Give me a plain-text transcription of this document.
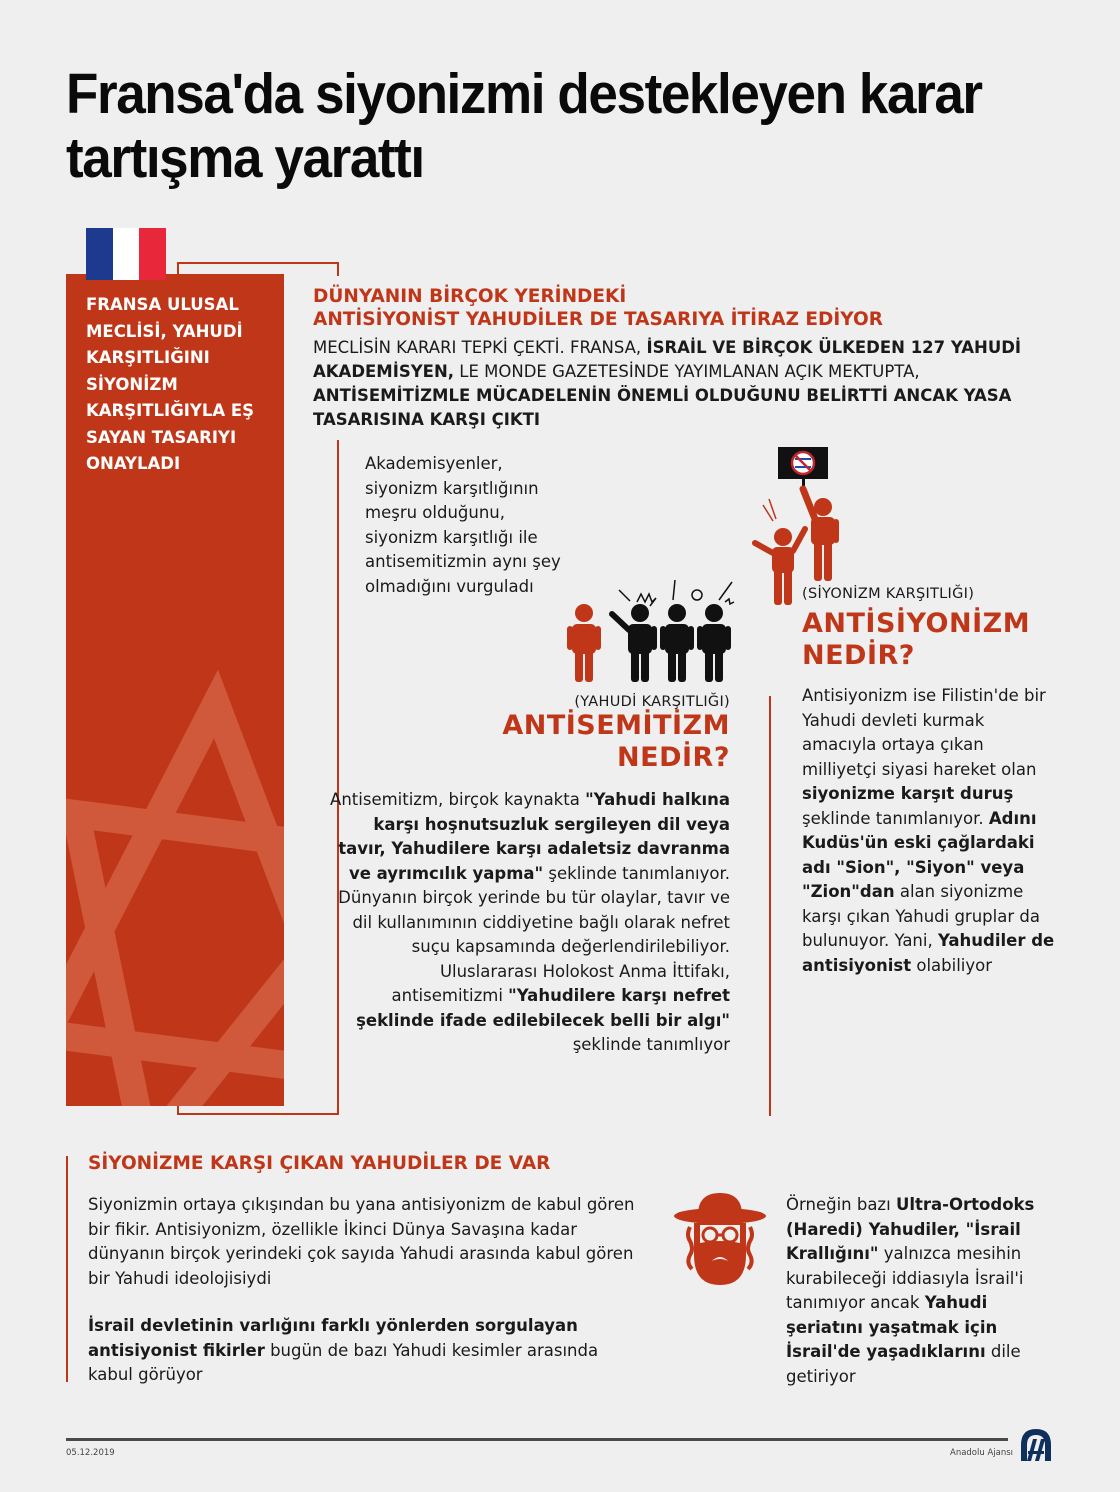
Fransa'da siyonizmi destekleyen karar tartışma yarattı
FRANSA ULUSAL MECLİSİ, YAHUDİ KARŞITLIĞINI SİYONİZM KARŞITLIĞIYLA EŞ SAYAN TASARIYI ONAYLADI
DÜNYANIN BİRÇOK YERİNDEKİ
ANTİSİYONİST YAHUDİLER DE TASARIYA İTİRAZ EDİYOR
MECLİSİN KARARI TEPKİ ÇEKTİ. FRANSA, İSRAİL VE BİRÇOK ÜLKEDEN 127 YAHUDİ AKADEMİSYEN, LE MONDE GAZETESİNDE YAYIMLANAN AÇIK MEKTUPTA, ANTİSEMİTİZMLE MÜCADELENİN ÖNEMLİ OLDUĞUNU BELİRTTİ ANCAK YASA TASARISINA KARŞI ÇIKTI
Akademisyenler, siyonizm karşıtlığının meşru olduğunu, siyonizm karşıtlığı ile antisemitizmin aynı şey olmadığını vurguladı
(YAHUDİ KARŞITLIĞI)
ANTİSEMİTİZM
NEDİR?
Antisemitizm, birçok kaynakta "Yahudi halkına karşı hoşnutsuzluk sergileyen dil veya tavır, Yahudilere karşı adaletsiz davranma ve ayrımcılık yapma" şeklinde tanımlanıyor. Dünyanın birçok yerinde bu tür olaylar, tavır ve dil kullanımının ciddiyetine bağlı olarak nefret suçu kapsamında değerlendirilebiliyor. Uluslararası Holokost Anma İttifakı, antisemitizmi "Yahudilere karşı nefret şeklinde ifade edilebilecek belli bir algı" şeklinde tanımlıyor
(SİYONİZM KARŞITLIĞI)
ANTİSİYONİZM
NEDİR?
Antisiyonizm ise Filistin'de bir Yahudi devleti kurmak amacıyla ortaya çıkan milliyetçi siyasi hareket olan siyonizme karşıt duruş şeklinde tanımlanıyor. Adını Kudüs'ün eski çağlardaki adı "Sion", "Siyon" veya "Zion"dan alan siyonizme karşı çıkan Yahudi gruplar da bulunuyor. Yani, Yahudiler de antisiyonist olabiliyor
SİYONİZME KARŞI ÇIKAN YAHUDİLER DE VAR
Siyonizmin ortaya çıkışından bu yana antisiyonizm de kabul gören bir fikir. Antisiyonizm, özellikle İkinci Dünya Savaşına kadar dünyanın birçok yerindeki çok sayıda Yahudi arasında kabul gören bir Yahudi ideolojisiydi
İsrail devletinin varlığını farklı yönlerden sorgulayan antisiyonist fikirler bugün de bazı Yahudi kesimler arasında kabul görüyor
Örneğin bazı Ultra-Ortodoks (Haredi) Yahudiler, "İsrail Krallığını" yalnızca mesihin kurabileceği iddiasıyla İsrail'i tanımıyor ancak Yahudi şeriatını yaşatmak için İsrail'de yaşadıklarını dile getiriyor
05.12.2019	Anadolu Ajansı
